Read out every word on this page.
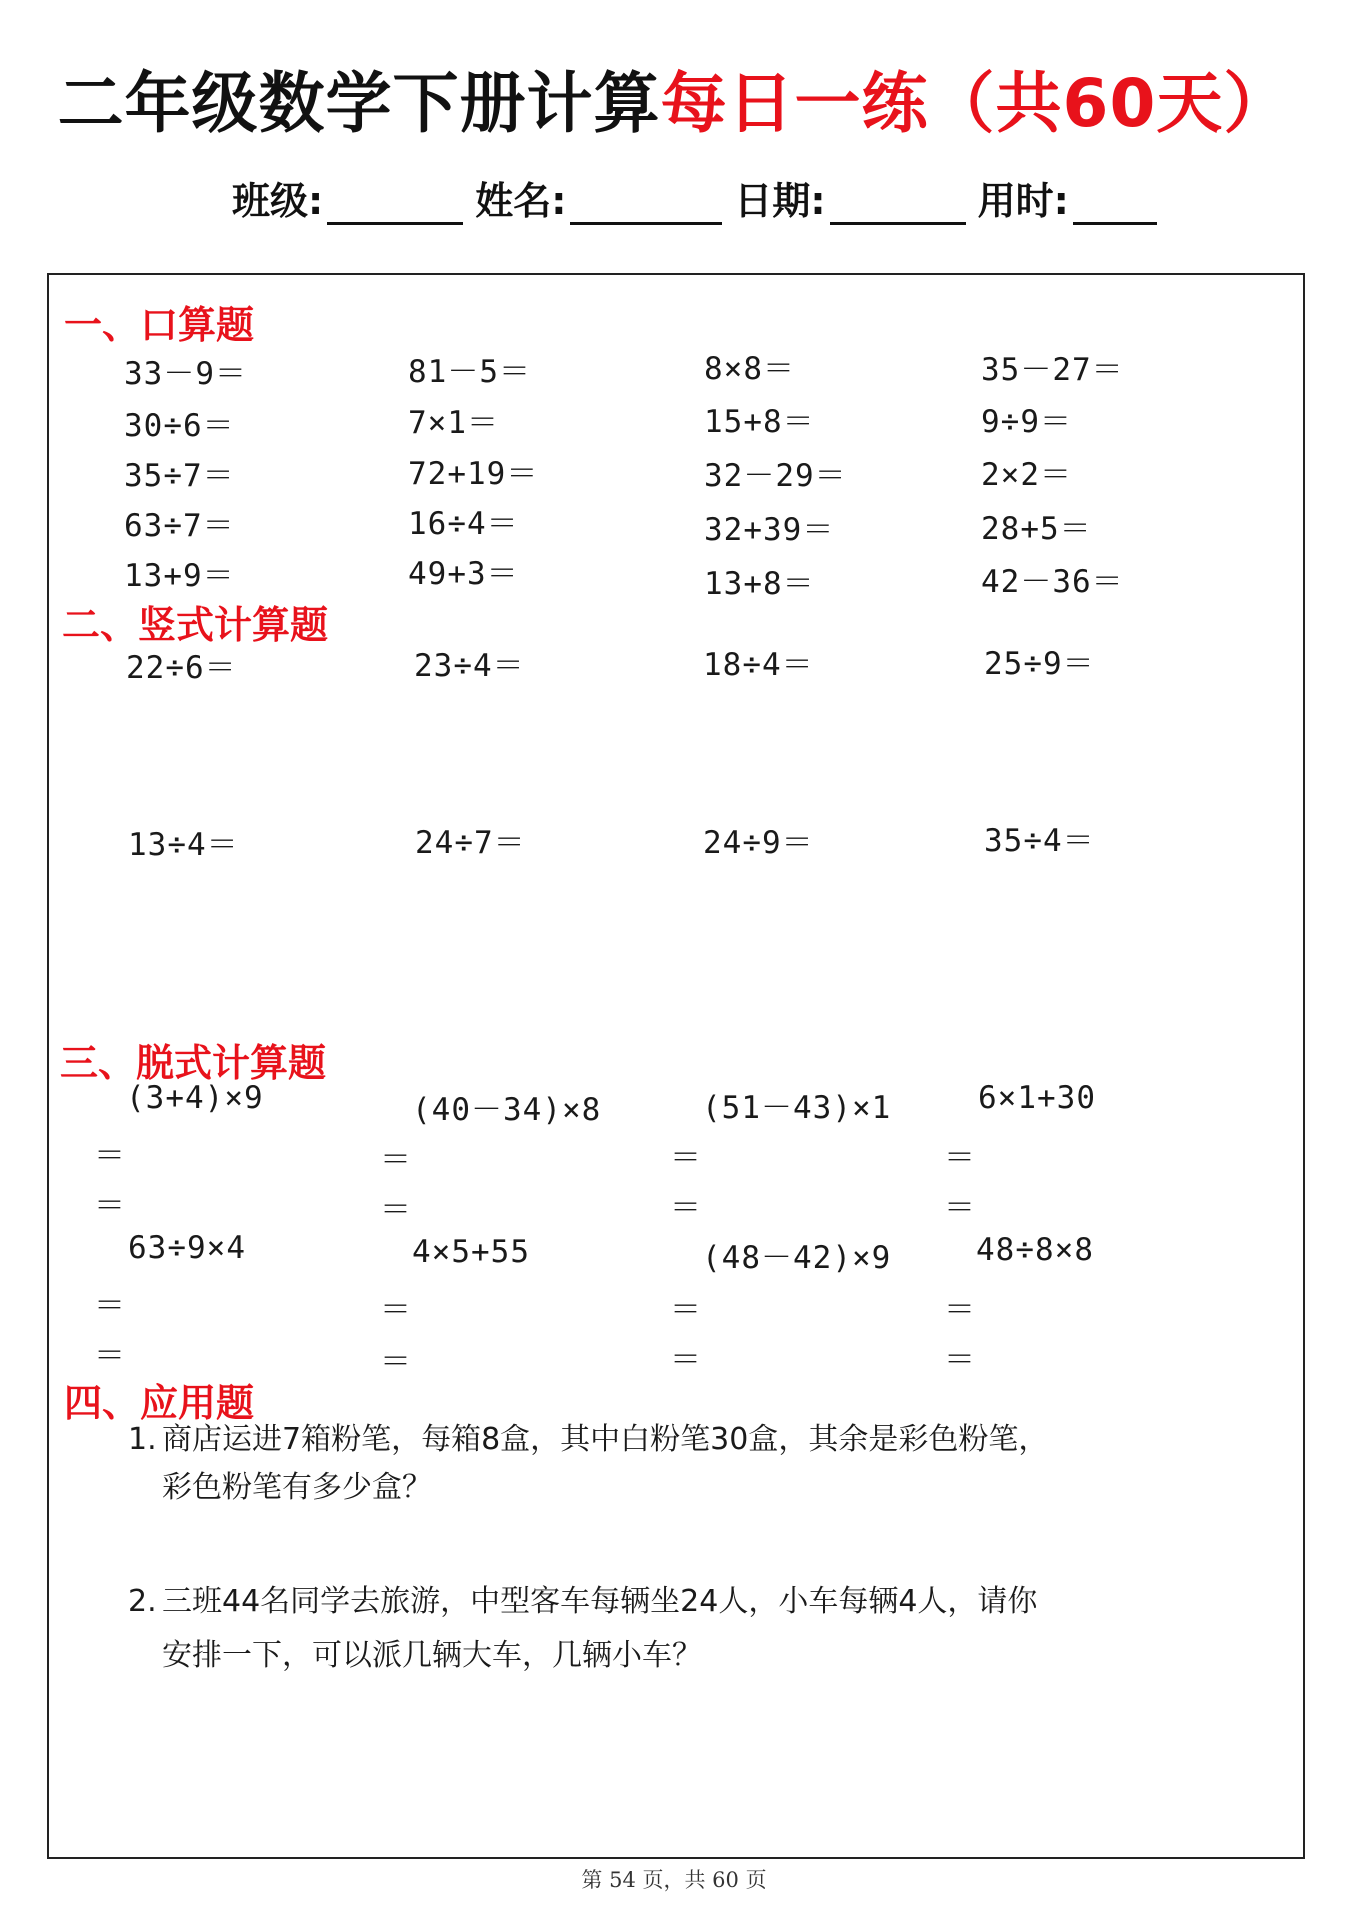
二年级数学下册计算每日一练（共60天）
班级:	姓名:	日期:	用时:
一、口算题
33－9＝	81－5＝	8×8＝	35－27＝
30÷6＝	7×1＝	15+8＝	9÷9＝
35÷7＝	72+19＝	32－29＝	2×2＝
63÷7＝	16÷4＝	32+39＝	28+5＝
13+9＝	49+3＝	13+8＝	42－36＝
二、竖式计算题
22÷6＝	23÷4＝	18÷4＝	25÷9＝
13÷4＝	24÷7＝	24÷9＝	35÷4＝
三、脱式计算题
(3+4)×9	(40－34)×8	(51－43)×1	6×1+30
＝	＝	＝	＝
＝	＝	＝	＝
63÷9×4	4×5+55	(48－42)×9	48÷8×8
＝	＝	＝	＝
＝	＝	＝	＝
四、应用题
1. 商店运进7箱粉笔，每箱8盒，其中白粉笔30盒，其余是彩色粉笔，
彩色粉笔有多少盒？
2. 三班44名同学去旅游，中型客车每辆坐24人，小车每辆4人，请你
安排一下，可以派几辆大车，几辆小车？
第 54 页，共 60 页
